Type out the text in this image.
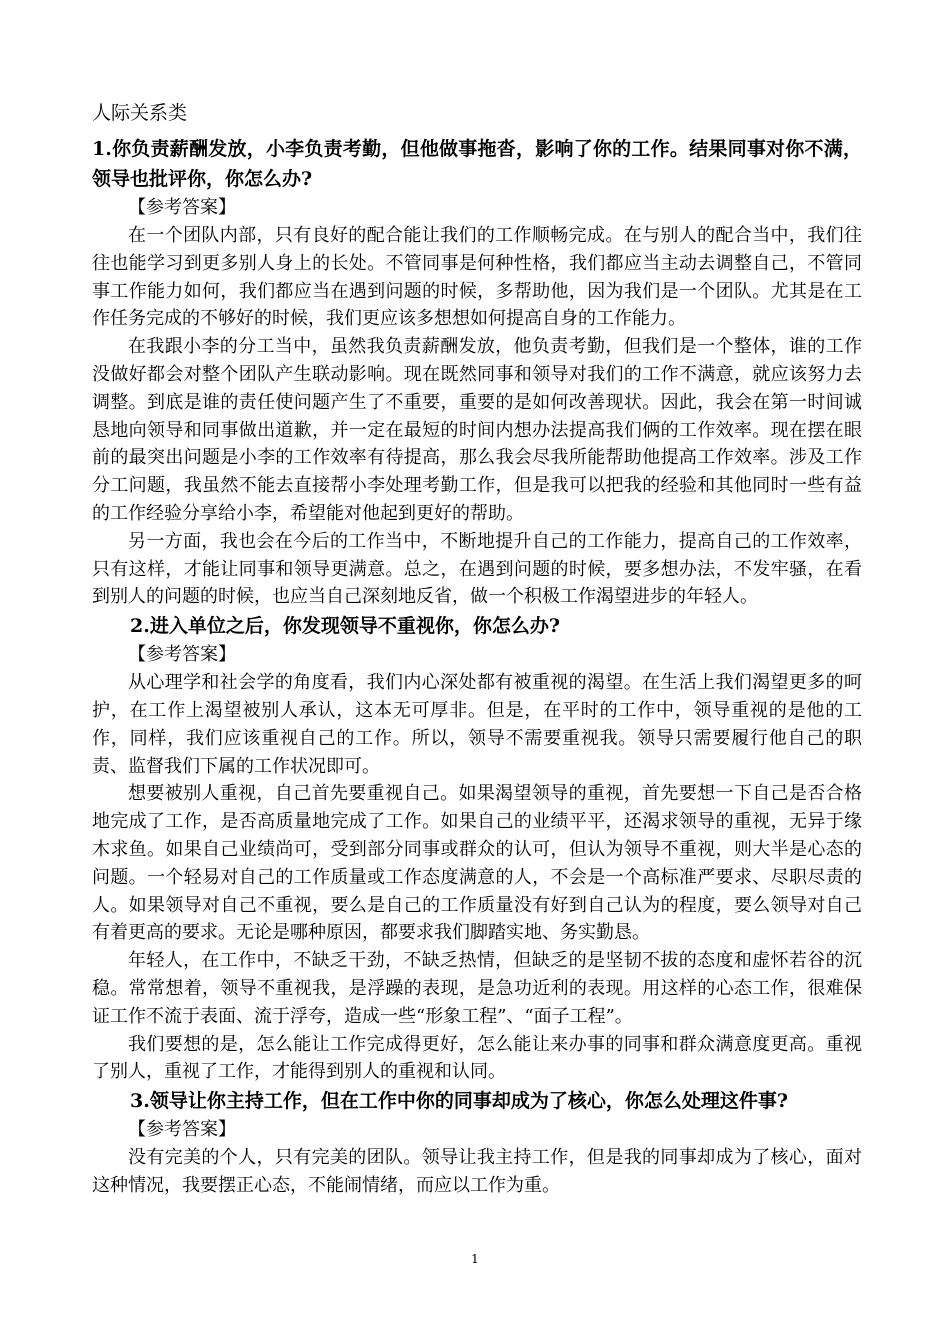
人际关系类

1.你负责薪酬发放，小李负责考勤，但他做事拖沓，影响了你的工作。结果同事对你不满，领导也批评你，你怎么办?

【参考答案】

在一个团队内部，只有良好的配合能让我们的工作顺畅完成。在与别人的配合当中，我们往往也能学习到更多别人身上的长处。不管同事是何种性格，我们都应当主动去调整自己，不管同事工作能力如何，我们都应当在遇到问题的时候，多帮助他，因为我们是一个团队。尤其是在工作任务完成的不够好的时候，我们更应该多想想如何提高自身的工作能力。

在我跟小李的分工当中，虽然我负责薪酬发放，他负责考勤，但我们是一个整体，谁的工作没做好都会对整个团队产生联动影响。现在既然同事和领导对我们的工作不满意，就应该努力去调整。到底是谁的责任使问题产生了不重要，重要的是如何改善现状。因此，我会在第一时间诚恳地向领导和同事做出道歉，并一定在最短的时间内想办法提高我们俩的工作效率。现在摆在眼前的最突出问题是小李的工作效率有待提高，那么我会尽我所能帮助他提高工作效率。涉及工作分工问题，我虽然不能去直接帮小李处理考勤工作，但是我可以把我的经验和其他同时一些有益的工作经验分享给小李，希望能对他起到更好的帮助。

另一方面，我也会在今后的工作当中，不断地提升自己的工作能力，提高自己的工作效率，只有这样，才能让同事和领导更满意。总之，在遇到问题的时候，要多想办法，不发牢骚，在看到别人的问题的时候，也应当自己深刻地反省，做一个积极工作渴望进步的年轻人。

2.进入单位之后，你发现领导不重视你，你怎么办?

【参考答案】

从心理学和社会学的角度看，我们内心深处都有被重视的渴望。在生活上我们渴望更多的呵护，在工作上渴望被别人承认，这本无可厚非。但是，在平时的工作中，领导重视的是他的工作，同样，我们应该重视自己的工作。所以，领导不需要重视我。领导只需要履行他自己的职责、监督我们下属的工作状况即可。

想要被别人重视，自己首先要重视自己。如果渴望领导的重视，首先要想一下自己是否合格地完成了工作，是否高质量地完成了工作。如果自己的业绩平平，还渴求领导的重视，无异于缘木求鱼。如果自己业绩尚可，受到部分同事或群众的认可，但认为领导不重视，则大半是心态的问题。一个轻易对自己的工作质量或工作态度满意的人，不会是一个高标准严要求、尽职尽责的人。如果领导对自己不重视，要么是自己的工作质量没有好到自己认为的程度，要么领导对自己有着更高的要求。无论是哪种原因，都要求我们脚踏实地、务实勤恳。

年轻人，在工作中，不缺乏干劲，不缺乏热情，但缺乏的是坚韧不拔的态度和虚怀若谷的沉稳。常常想着，领导不重视我，是浮躁的表现，是急功近利的表现。用这样的心态工作，很难保证工作不流于表面、流于浮夸，造成一些“形象工程”、“面子工程”。

我们要想的是，怎么能让工作完成得更好，怎么能让来办事的同事和群众满意度更高。重视了别人，重视了工作，才能得到别人的重视和认同。

3.领导让你主持工作，但在工作中你的同事却成为了核心，你怎么处理这件事?

【参考答案】

没有完美的个人，只有完美的团队。领导让我主持工作，但是我的同事却成为了核心，面对这种情况，我要摆正心态，不能闹情绪，而应以工作为重。

1
